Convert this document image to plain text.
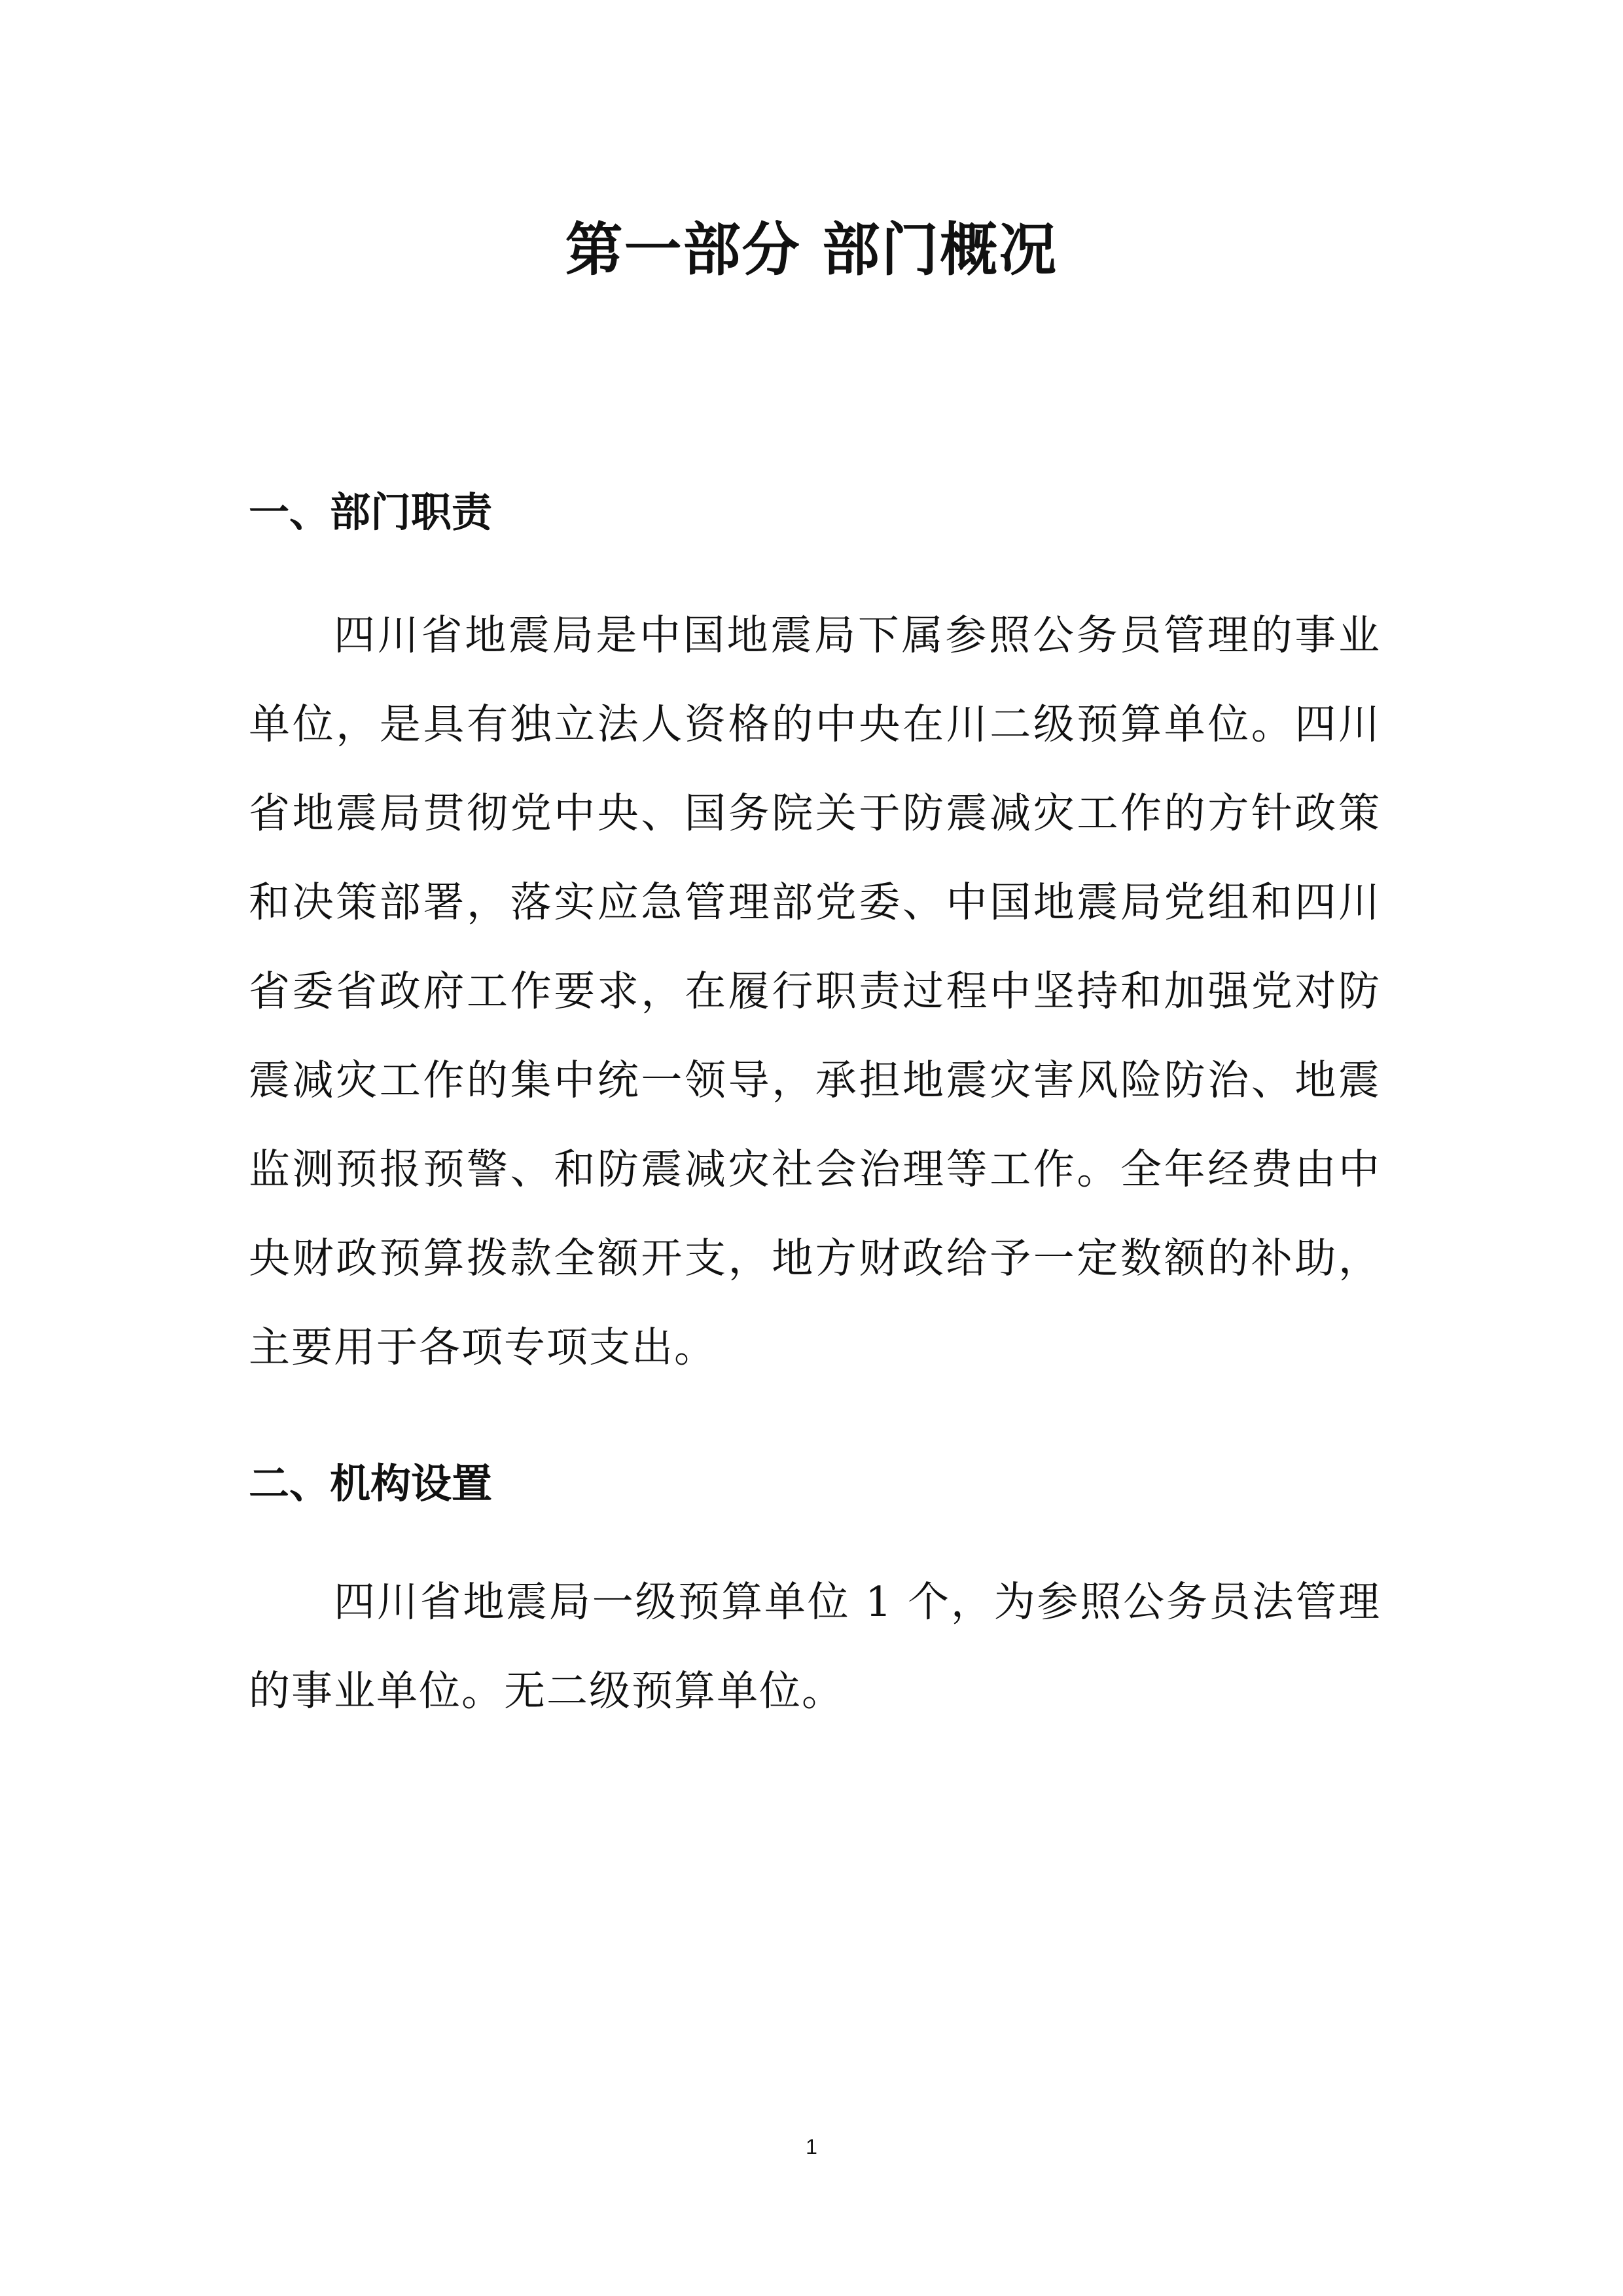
第一部分 部门概况
一、部门职责

四川省地震局是中国地震局下属参照公务员管理的事业单位，是具有独立法人资格的中央在川二级预算单位。四川省地震局贯彻党中央、国务院关于防震减灾工作的方针政策和决策部署，落实应急管理部党委、中国地震局党组和四川省委省政府工作要求，在履行职责过程中坚持和加强党对防震减灾工作的集中统一领导，承担地震灾害风险防治、地震监测预报预警、和防震减灾社会治理等工作。全年经费由中央财政预算拨款全额开支，地方财政给予一定数额的补助，主要用于各项专项支出。

二、机构设置

四川省地震局一级预算单位 1 个，为参照公务员法管理的事业单位。无二级预算单位。

1
